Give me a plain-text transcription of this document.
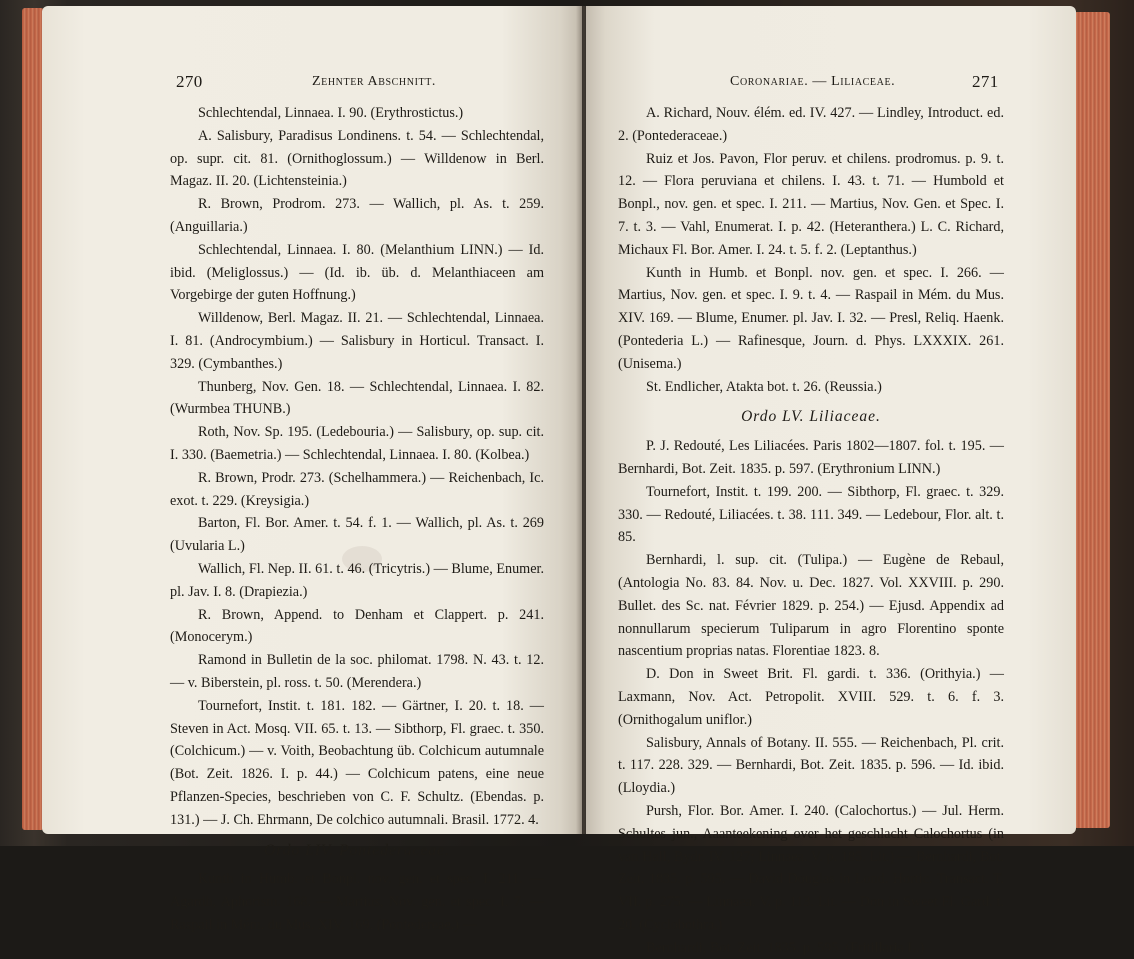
270	Zehnter Abschnitt.

Schlechtendal, Linnaea. I. 90. (Erythrostictus.)

A. Salisbury, Paradisus Londinens. t. 54. — Schlechtendal, op. supr. cit. 81. (Ornithoglossum.) — Willdenow in Berl. Magaz. II. 20. (Lichtensteinia.)

R. Brown, Prodrom. 273. — Wallich, pl. As. t. 259. (Anguillaria.)

Schlechtendal, Linnaea. I. 80. (Melanthium LINN.) — Id. ibid. (Meliglossus.) — (Id. ib. üb. d. Melanthiaceen am Vorgebirge der guten Hoffnung.)

Willdenow, Berl. Magaz. II. 21. — Schlechtendal, Linnaea. I. 81. (Androcymbium.) — Salisbury in Horticul. Transact. I. 329. (Cymbanthes.)

Thunberg, Nov. Gen. 18. — Schlechtendal, Linnaea. I. 82. (Wurmbea THUNB.)

Roth, Nov. Sp. 195. (Ledebouria.) — Salisbury, op. sup. cit. I. 330. (Baemetria.) — Schlechtendal, Linnaea. I. 80. (Kolbea.)

R. Brown, Prodr. 273. (Schelhammera.) — Reichenbach, Ic. exot. t. 229. (Kreysigia.)

Barton, Fl. Bor. Amer. t. 54. f. 1. — Wallich, pl. As. t. 269 (Uvularia L.)

Wallich, Fl. Nep. II. 61. t. 46. (Tricytris.) — Blume, Enumer. pl. Jav. I. 8. (Drapiezia.)

R. Brown, Append. to Denham et Clappert. p. 241. (Monocerym.)

Ramond in Bulletin de la soc. philomat. 1798. N. 43. t. 12. — v. Biberstein, pl. ross. t. 50. (Merendera.)

Tournefort, Instit. t. 181. 182. — Gärtner, I. 20. t. 18. — Steven in Act. Mosq. VII. 65. t. 13. — Sibthorp, Fl. graec. t. 350. (Colchicum.) — v. Voith, Beobachtung üb. Colchicum autumnale (Bot. Zeit. 1826. I. p. 44.) — Colchicum patens, eine neue Pflanzen-Species, beschrieben von C. F. Schultz. (Ebendas. p. 131.) — J. Ch. Ehrmann, De colchico autumnali. Brasil. 1772. 4.

Ordo LIV. Pontederaceae.

Kunth in Humb. et Bonpl. nov. gen. et spec. I. 211. — Agardh, Aphorism. 168. — Martius, Nov. gen. et spec. I. 7. — Raspail in Mém. du Mus. XIV. 169. (Pontedereae.) —

Coronariae. — Liliaceae.	271

A. Richard, Nouv. élém. ed. IV. 427. — Lindley, Introduct. ed. 2. (Pontederaceae.)

Ruiz et Jos. Pavon, Flor peruv. et chilens. prodromus. p. 9. t. 12. — Flora peruviana et chilens. I. 43. t. 71. — Humbold et Bonpl., nov. gen. et spec. I. 211. — Martius, Nov. Gen. et Spec. I. 7. t. 3. — Vahl, Enumerat. I. p. 42. (Heteranthera.) L. C. Richard, Michaux Fl. Bor. Amer. I. 24. t. 5. f. 2. (Leptanthus.)

Kunth in Humb. et Bonpl. nov. gen. et spec. I. 266. — Martius, Nov. gen. et spec. I. 9. t. 4. — Raspail in Mém. du Mus. XIV. 169. — Blume, Enumer. pl. Jav. I. 32. — Presl, Reliq. Haenk. (Pontederia L.) — Rafinesque, Journ. d. Phys. LXXXIX. 261. (Unisema.)

St. Endlicher, Atakta bot. t. 26. (Reussia.)

Ordo LV. Liliaceae.

P. J. Redouté, Les Liliacées. Paris 1802—1807. fol. t. 195. — Bernhardi, Bot. Zeit. 1835. p. 597. (Erythronium LINN.)

Tournefort, Instit. t. 199. 200. — Sibthorp, Fl. graec. t. 329. 330. — Redouté, Liliacées. t. 38. 111. 349. — Ledebour, Flor. alt. t. 85.

Bernhardi, l. sup. cit. (Tulipa.) — Eugène de Rebaul, (Antologia No. 83. 84. Nov. u. Dec. 1827. Vol. XXVIII. p. 290. Bullet. des Sc. nat. Février 1829. p. 254.) — Ejusd. Appendix ad nonnullarum specierum Tuliparum in agro Florentino sponte nascentium proprias natas. Florentiae 1823. 8.

D. Don in Sweet Brit. Fl. gardi. t. 336. (Orithyia.) — Laxmann, Nov. Act. Petropolit. XVIII. 529. t. 6. f. 3. (Ornithogalum uniflor.)

Salisbury, Annals of Botany. II. 555. — Reichenbach, Pl. crit. t. 117. 228. 329. — Bernhardi, Bot. Zeit. 1835. p. 596. — Id. ibid. (Lloydia.)

Pursh, Flor. Bor. Amer. I. 240. (Calochortus.) — Jul. Herm. Schultes jun., Aaanteekening over het geschlacht Calochortus (in van Hall, Bydr. IV. 127; Linnaea. V. p. 185. Lit.) — Bernhardi, Bot. Zeit. 1835. p. 595. — David Douglas in Lond. Hortic. Transact. T. VII. p. 275. — Linnaea. V. p. 113. Lit. — Don in Sweet Fl. Gard. t. 20. (Cyclobothra.)

Bernhardi, Bot. Zeit. 1835. p. 595. (Fritillaria L.)
